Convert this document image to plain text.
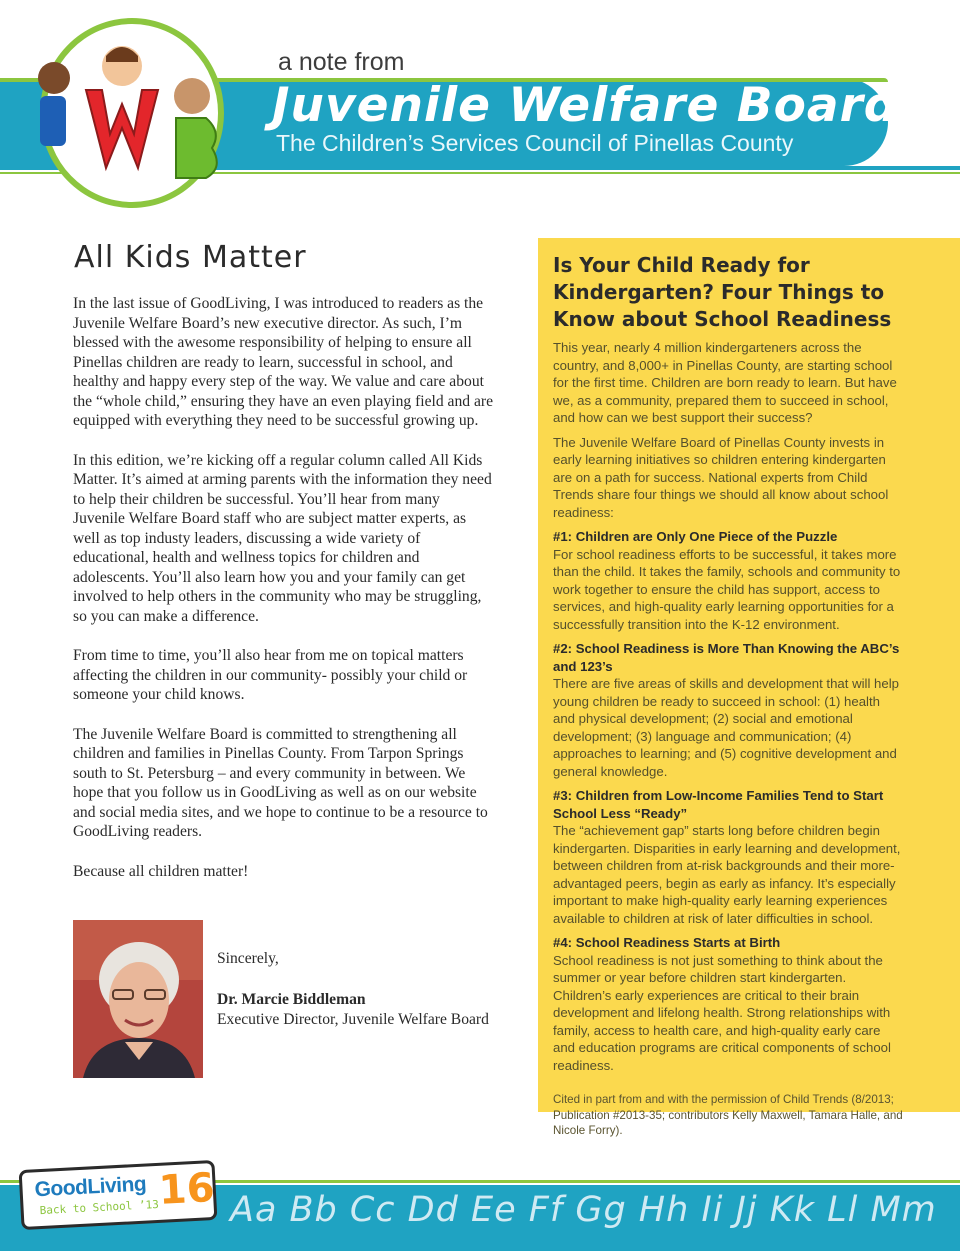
JWB
a note from
Juvenile Welfare Board
The Children’s Services Council of Pinellas County
All Kids Matter

In the last issue of GoodLiving, I was introduced to readers as the Juvenile Welfare Board’s new executive director. As such, I’m blessed with the awesome responsibility of helping to ensure all Pinellas children are ready to learn, successful in school, and healthy and happy every step of the way. We value and care about the “whole child,” ensuring they have an even playing field and are equipped with everything they need to be successful growing up.

In this edition, we’re kicking off a regular column called All Kids Matter. It’s aimed at arming parents with the information they need to help their children be successful. You’ll hear from many Juvenile Welfare Board staff who are subject matter experts, as well as top industy leaders, discussing a wide variety of educational, health and wellness topics for children and adolescents. You’ll also learn how you and your family can get involved to help others in the community who may be struggling, so you can make a difference.

From time to time, you’ll also hear from me on topical matters affecting the children in our community- possibly your child or someone your child knows.

The Juvenile Welfare Board is committed to strengthening all children and families in Pinellas County. From Tarpon Springs south to St. Petersburg – and every community in between. We hope that you follow us in GoodLiving as well as on our website and social media sites, and we hope to continue to be a resource to GoodLiving readers.

Because all children matter!

Sincerely,
Dr. Marcie Biddleman
Executive Director, Juvenile Welfare Board
Is Your Child Ready for Kindergarten? Four Things to Know about School Readiness

This year, nearly 4 million kindergarteners across the country, and 8,000+ in Pinellas County, are starting school for the first time. Children are born ready to learn. But have we, as a community, prepared them to succeed in school, and how can we best support their success?

The Juvenile Welfare Board of Pinellas County invests in early learning initiatives so children entering kindergarten are on a path for success. National experts from Child Trends share four things we should all know about school readiness:

#1: Children are Only One Piece of the Puzzle

For school readiness efforts to be successful, it takes more than the child. It takes the family, schools and community to work together to ensure the child has support, access to services, and high-quality early learning opportunities for a successfully transition into the K-12 environment.

#2: School Readiness is More Than Knowing the ABC’s and 123’s

There are five areas of skills and development that will help young children be ready to succeed in school: (1) health and physical development; (2) social and emotional development; (3) language and communication; (4) approaches to learning; and (5) cognitive development and general knowledge.

#3: Children from Low-Income Families Tend to Start School Less “Ready”

The “achievement gap” starts long before children begin kindergarten. Disparities in early learning and development, between children from at-risk backgrounds and their more-advantaged peers, begin as early as infancy. It’s especially important to make high-quality early learning experiences available to children at risk of later difficulties in school.

#4: School Readiness Starts at Birth

School readiness is not just something to think about the summer or year before children start kindergarten. Children’s early experiences are critical to their brain development and lifelong health. Strong relationships with family, access to health care, and high-quality early care and education programs are critical components of school readiness.

Cited in part from and with the permission of Child Trends (8/2013; Publication #2013-35; contributors Kelly Maxwell, Tamara Halle, and Nicole Forry).

Aa Bb Cc Dd Ee Ff Gg Hh Ii Jj Kk Ll Mm
GoodLiving
Back to School ’13
16
